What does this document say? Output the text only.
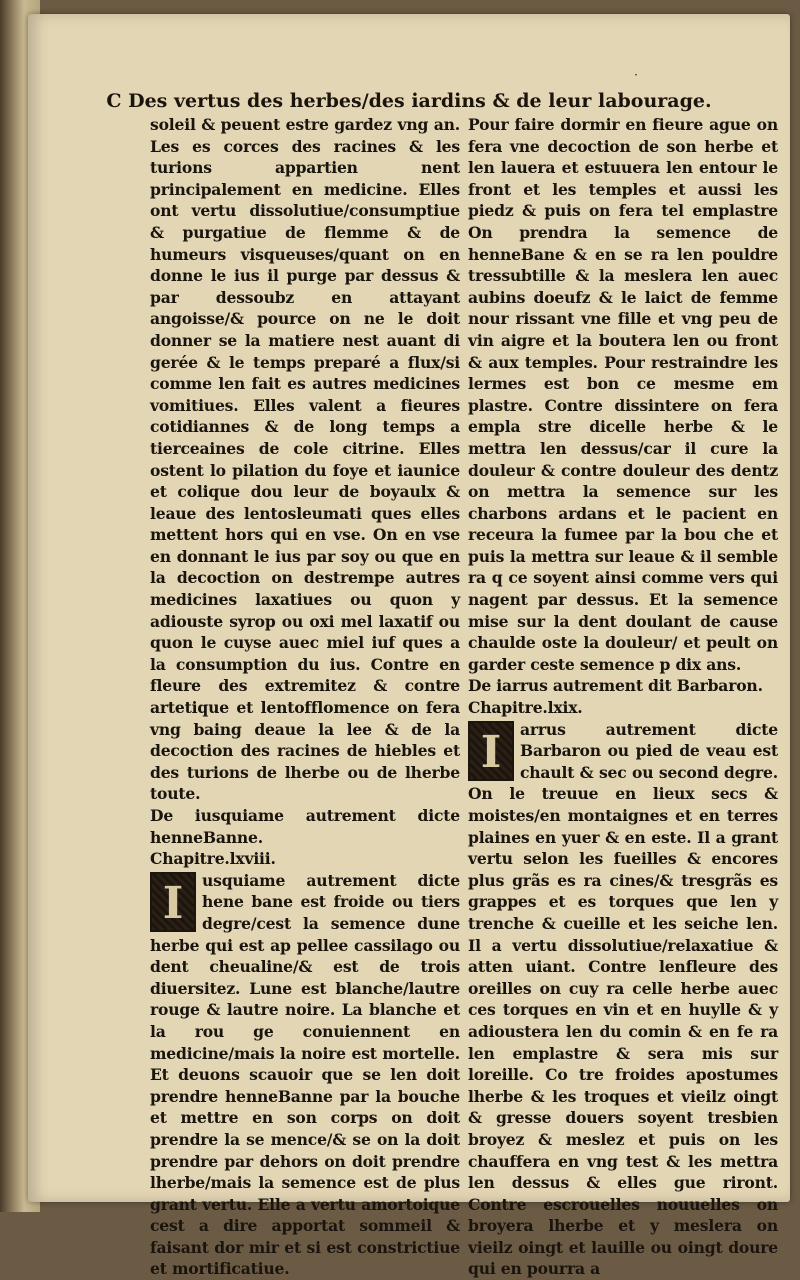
·
C Des vertus des herbes/des iardins & de leur labourage.

soleil & peuent estre gardez vng an. Les es corces des racines & les turions appartien nent principalement en medicine. Elles ont vertu dissolutiue/consumptiue & purgatiue de flemme & de humeurs visqueuses/quant on en donne le ius il purge par dessus & par dessoubz en attayant angoisse/& pource on ne le doit donner se la matiere nest auant di gerée & le temps preparé a flux/si comme len fait es autres medicines vomitiues. Elles valent a fieures cotidiannes & de long temps a tierceaines de cole citrine. Elles ostent lo pilation du foye et iaunice et colique dou leur de boyaulx & leaue des lentosleumati ques elles mettent hors qui en vse. On en vse en donnant le ius par soy ou que en la decoction on destrempe autres medicines laxatiues ou quon y adiouste syrop ou oxi mel laxatif ou quon le cuyse auec miel iuf ques a la consumption du ius. Contre en fleure des extremitez & contre artetique et lentofflomence on fera vng baing deaue la lee & de la decoction des racines de hiebles et des turions de lherbe ou de lherbe toute.

De iusquiame autrement dicte henneBanne.

Chapitre.lxviii.

I	usquiame autrement dicte hene bane est froide ou tiers degre/cest la semence dune herbe qui est ap pellee cassilago ou dent cheualine/& est de trois diuersitez. Lune est blanche/lautre rouge & lautre noire. La blanche et la rou ge conuiennent en medicine/mais la noire est mortelle. Et deuons scauoir que se len doit prendre henneBanne par la bouche et mettre en son corps on doit prendre la se mence/& se on la doit prendre par dehors on doit prendre lherbe/mais la semence est de plus grant vertu. Elle a vertu amortoique cest a dire apportat sommeil & faisant dor mir et si est constrictiue et mortificatiue.

Pour faire dormir en fieure ague on fera vne decoction de son herbe et len lauera et estuuera len entour le front et les temples et aussi les piedz & puis on fera tel emplastre On prendra la semence de henneBane & en se ra len pouldre tressubtille & la meslera len auec aubins doeufz & le laict de femme nour rissant vne fille et vng peu de vin aigre et la boutera len ou front & aux temples. Pour restraindre les lermes est bon ce mesme em plastre. Contre dissintere on fera empla stre dicelle herbe & le mettra len dessus/car il cure la douleur & contre douleur des dentz on mettra la semence sur les charbons ardans et le pacient en receura la fumee par la bou che et puis la mettra sur leaue & il semble ra q ce soyent ainsi comme vers qui nagent par dessus. Et la semence mise sur la dent doulant de cause chaulde oste la douleur/ et peult on garder ceste semence p dix ans.

De iarrus autrement dit Barbaron.

Chapitre.lxix.

I	arrus autrement dicte Barbaron ou pied de veau est chault & sec ou second degre. On le treuue en lieux secs & moistes/en montaignes et en terres plaines en yuer & en este. Il a grant vertu selon les fueilles & encores plus grãs es ra cines/& tresgrãs es grappes et es torques que len y trenche & cueille et les seiche len. Il a vertu dissolutiue/relaxatiue & atten uiant. Contre lenfleure des oreilles on cuy ra celle herbe auec ces torques en vin et en huylle & y adioustera len du comin & en fe ra len emplastre & sera mis sur loreille. Co tre froides apostumes lherbe & les troques et vieilz oingt & gresse douers soyent tresbien broyez & meslez et puis on les chauffera en vng test & les mettra len dessus & elles gue riront. Contre escrouelles nouuelles on broyera lherbe et y meslera on vieilz oingt et lauille ou oingt doure qui en pourra a
